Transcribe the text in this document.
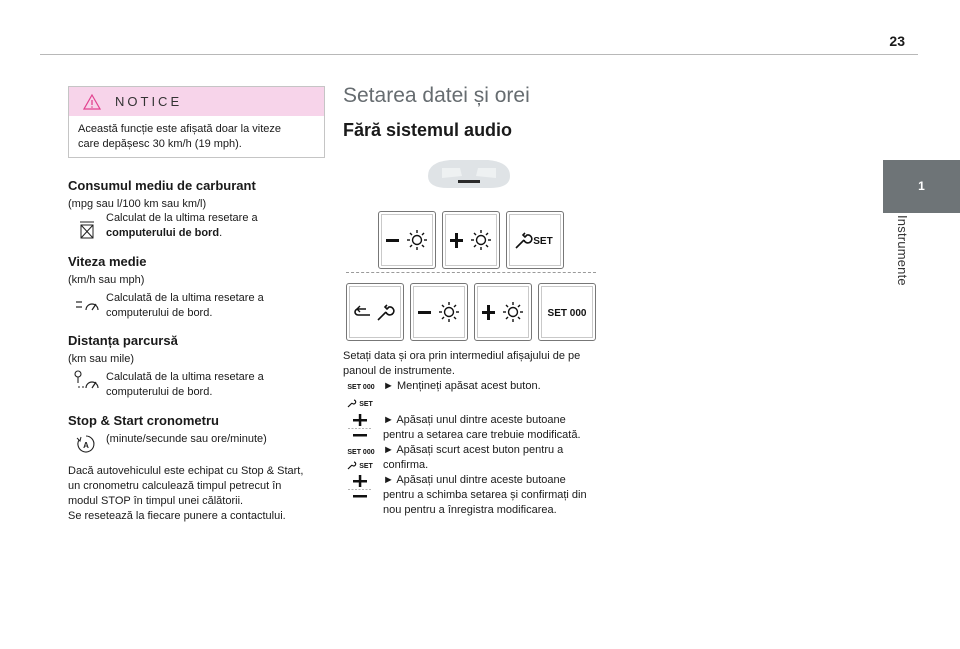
23
1
Instrumente
NOTICE
Această funcție este afișată doar la viteze
care depășesc 30 km/h (19 mph).
Consumul mediu de carburant
(mpg sau l/100 km sau km/l)
Calculat de la ultima resetare a
computerului de bord.
Viteza medie
(km/h sau mph)
Calculată de la ultima resetare a
computerului de bord.
Distanța parcursă
(km sau mile)
Calculată de la ultima resetare a
computerului de bord.
Stop & Start cronometru
A
(minute/secunde sau ore/minute)
Dacă autovehiculul este echipat cu Stop & Start,
un cronometru calculează timpul petrecut în
modul STOP în timpul unei călătorii.
Se resetează la fiecare punere a contactului.
Setarea datei și orei
Fără sistemul audio
SET
SET 000
Setați data și ora prin intermediul afișajului de pe
panoul de instrumente.
SET 000
SET
SET 000
SET
► Mențineți apăsat acest buton.
► Apăsați unul dintre aceste butoane
pentru a setarea care trebuie modificată.
► Apăsați scurt acest buton pentru a
confirma.
► Apăsați unul dintre aceste butoane
pentru a schimba setarea și confirmați din
nou pentru a înregistra modificarea.
